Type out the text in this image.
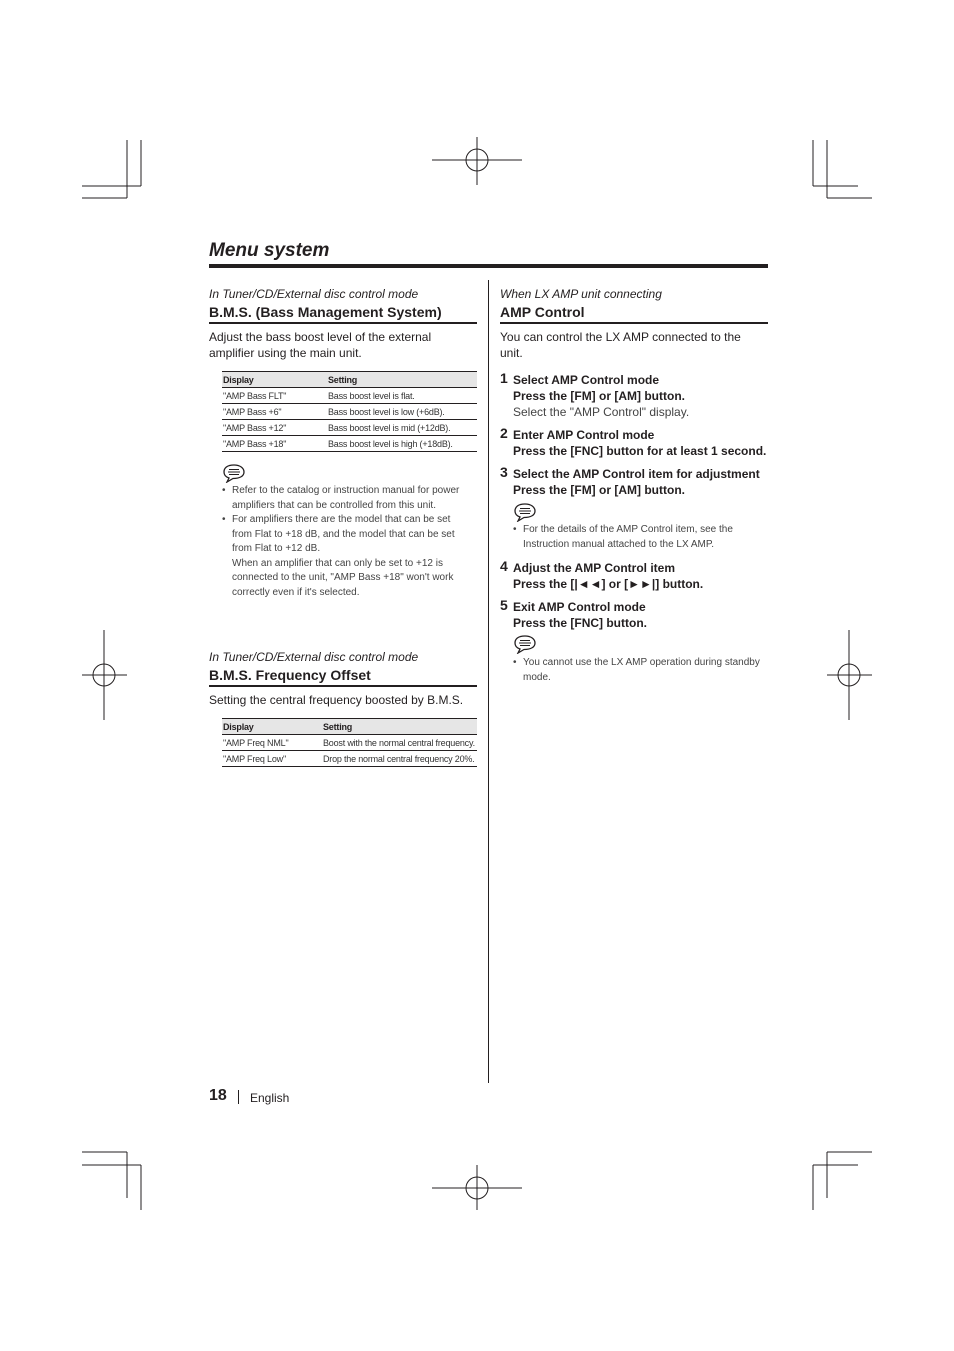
Menu system
In Tuner/CD/External disc control mode
B.M.S. (Bass Management System)

Adjust the bass boost level of the external amplifier using the main unit.

Display	Setting
"AMP Bass FLT"	Bass boost level is flat.
"AMP Bass +6"	Bass boost level is low (+6dB).
"AMP Bass +12"	Bass boost level is mid (+12dB).
"AMP Bass +18"	Bass boost level is high (+18dB).
• Refer to the catalog or instruction manual for power amplifiers that can be controlled from this unit.
• For amplifiers there are the model that can be set from Flat to +18 dB, and the model that can be set from Flat to +12 dB.
When an amplifier that can only be set to +12 is connected to the unit, "AMP Bass +18" won't work correctly even if it's selected.
In Tuner/CD/External disc control mode
B.M.S. Frequency Offset

Setting the central frequency boosted by B.M.S.

Display	Setting
"AMP Freq NML"	Boost with the normal central frequency.
"AMP Freq Low"	Drop the normal central frequency 20%.
When LX AMP unit connecting
AMP Control

You can control the LX AMP connected to the unit.

1 Select AMP Control mode
Press the [FM] or [AM] button.
Select the "AMP Control" display.
2 Enter AMP Control mode
Press the [FNC] button for at least 1 second.
3 Select the AMP Control item for adjustment
Press the [FM] or [AM] button.
• For the details of the AMP Control item, see the Instruction manual attached to the LX AMP.
4 Adjust the AMP Control item
Press the [|◄◄] or [►►|] button.
5 Exit AMP Control mode
Press the [FNC] button.
• You cannot use the LX AMP operation during standby mode.
18 English
